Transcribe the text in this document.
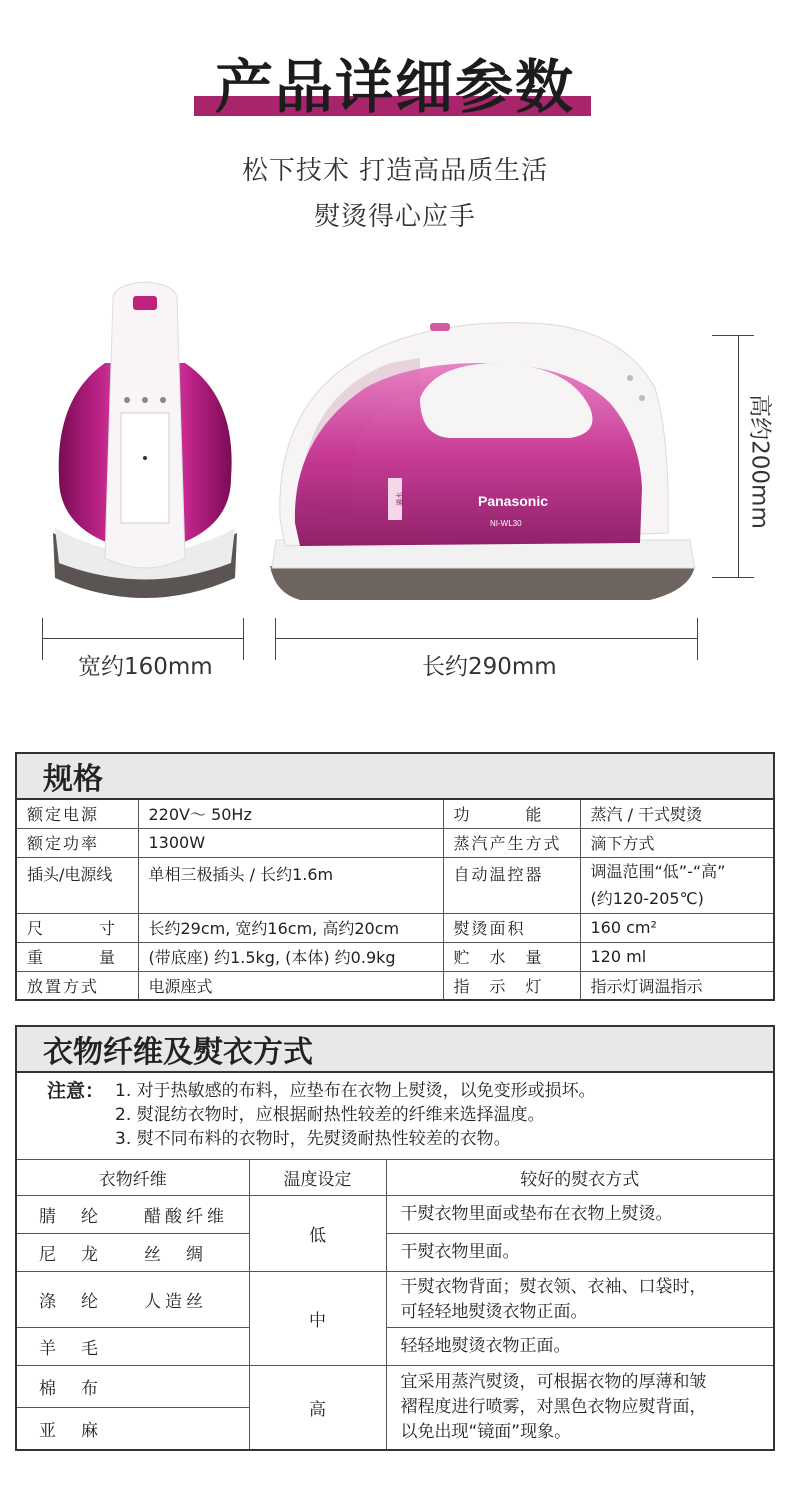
产品详细参数
松下技术 打造高品质生活
熨烫得心应手
Panasonic
NI-WL30
满水
宽约160mm	长约290mm
高约200mm
规格			
额定电源	220V～ 50Hz	功　　　能	蒸汽 / 干式熨烫
额定功率	1300W	蒸汽产生方式	滴下方式
插头/电源线	单相三极插头 / 长约1.6m	自动温控器	调温范围“低”-“高”
(约120-205℃)

尺　　　寸	长约29cm, 宽约16cm, 高约20cm	熨烫面积	160 cm²
重　　　量	(带底座) 约1.5kg, (本体) 约0.9kg	贮　水　量	120 ml
放置方式	电源座式	指　示　灯	指示灯调温指示
衣物纤维及熨衣方式		

注意： 1. 对于热敏感的布料，应垫布在衣物上熨烫，以免变形或损坏。
2. 熨混纺衣物时，应根据耐热性较差的纤维来选择温度。
3. 熨不同布料的衣物时，先熨烫耐热性较差的衣物。		

衣物纤维	温度设定	较好的熨衣方式
腈　纶　　醋酸纤维	低	干熨衣物里面或垫布在衣物上熨烫。
尼　龙　　丝　绸		干熨衣物里面。
涤　纶　　人造丝	中	干熨衣物背面；熨衣领、衣袖、口袋时，
可轻轻地熨烫衣物正面。

羊　毛		轻轻地熨烫衣物正面。
棉　布	高	宜采用蒸汽熨烫，可根据衣物的厚薄和皱
褶程度进行喷雾，对黑色衣物应熨背面，
以免出现“镜面”现象。

亚　麻		
